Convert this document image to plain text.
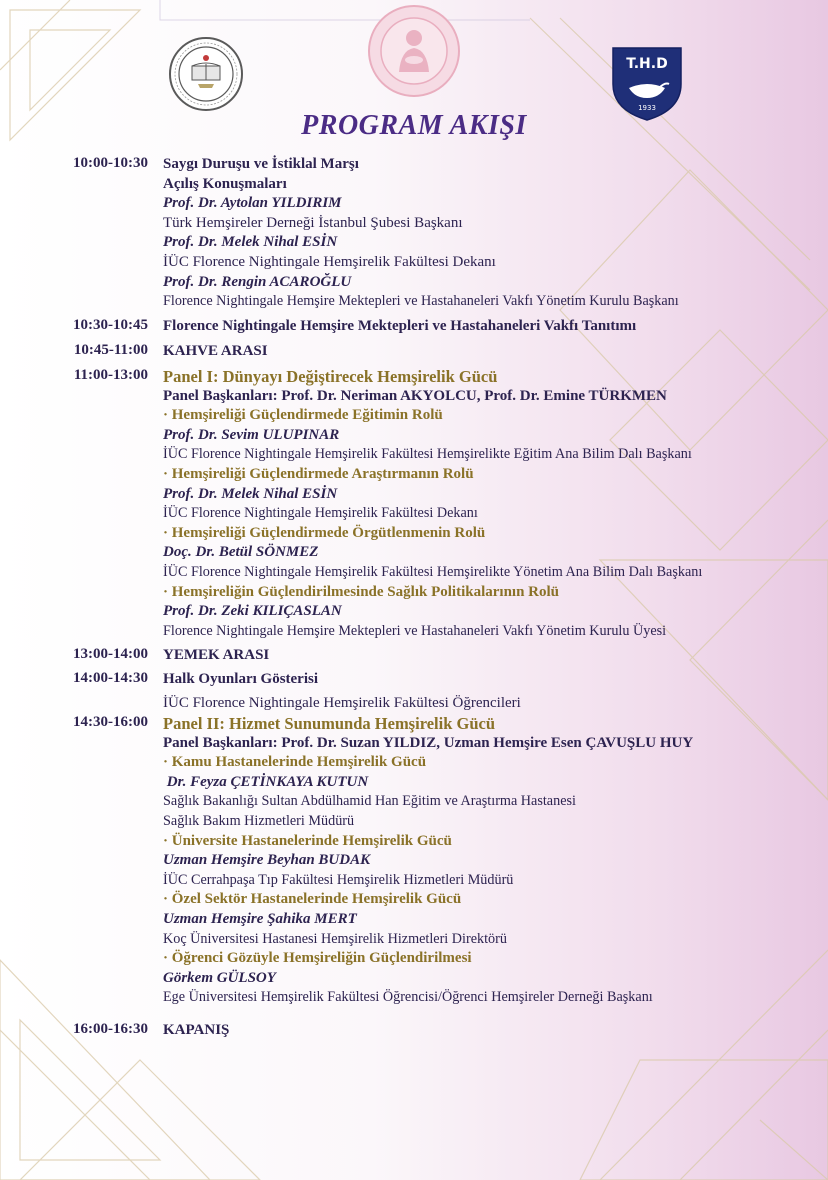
T.H.D
1933
PROGRAM AKIŞI
10:00-10:30 Saygı Duruşu ve İstiklal Marşı
Açılış Konuşmaları
Prof. Dr. Aytolan YILDIRIM
Türk Hemşireler Derneği İstanbul Şubesi Başkanı
Prof. Dr. Melek Nihal ESİN
İÜC Florence Nightingale Hemşirelik Fakültesi Dekanı
Prof. Dr. Rengin ACAROĞLU
Florence Nightingale Hemşire Mektepleri ve Hastahaneleri Vakfı Yönetim Kurulu Başkanı
10:30-10:45 Florence Nightingale Hemşire Mektepleri ve Hastahaneleri Vakfı Tanıtımı
10:45-11:00 KAHVE ARASI
11:00-13:00 Panel I: Dünyayı Değiştirecek Hemşirelik Gücü
Panel Başkanları: Prof. Dr. Neriman AKYOLCU, Prof. Dr. Emine TÜRKMEN
· Hemşireliği Güçlendirmede Eğitimin Rolü
Prof. Dr. Sevim ULUPINAR
İÜC Florence Nightingale Hemşirelik Fakültesi Hemşirelikte Eğitim Ana Bilim Dalı Başkanı
· Hemşireliği Güçlendirmede Araştırmanın Rolü
Prof. Dr. Melek Nihal ESİN
İÜC Florence Nightingale Hemşirelik Fakültesi Dekanı
· Hemşireliği Güçlendirmede Örgütlenmenin Rolü
Doç. Dr. Betül SÖNMEZ
İÜC Florence Nightingale Hemşirelik Fakültesi Hemşirelikte Yönetim Ana Bilim Dalı Başkanı
· Hemşireliğin Güçlendirilmesinde Sağlık Politikalarının Rolü
Prof. Dr. Zeki KILIÇASLAN
Florence Nightingale Hemşire Mektepleri ve Hastahaneleri Vakfı Yönetim Kurulu Üyesi
13:00-14:00 YEMEK ARASI
14:00-14:30 Halk Oyunları Gösterisi
İÜC Florence Nightingale Hemşirelik Fakültesi Öğrencileri
14:30-16:00 Panel II: Hizmet Sunumunda Hemşirelik Gücü
Panel Başkanları: Prof. Dr. Suzan YILDIZ, Uzman Hemşire Esen ÇAVUŞLU HUY
· Kamu Hastanelerinde Hemşirelik Gücü
Dr. Feyza ÇETİNKAYA KUTUN
Sağlık Bakanlığı Sultan Abdülhamid Han Eğitim ve Araştırma Hastanesi
Sağlık Bakım Hizmetleri Müdürü
· Üniversite Hastanelerinde Hemşirelik Gücü
Uzman Hemşire Beyhan BUDAK
İÜC Cerrahpaşa Tıp Fakültesi Hemşirelik Hizmetleri Müdürü
· Özel Sektör Hastanelerinde Hemşirelik Gücü
Uzman Hemşire Şahika MERT
Koç Üniversitesi Hastanesi Hemşirelik Hizmetleri Direktörü
· Öğrenci Gözüyle Hemşireliğin Güçlendirilmesi
Görkem GÜLSOY
Ege Üniversitesi Hemşirelik Fakültesi Öğrencisi/Öğrenci Hemşireler Derneği Başkanı
16:00-16:30 KAPANIŞ
